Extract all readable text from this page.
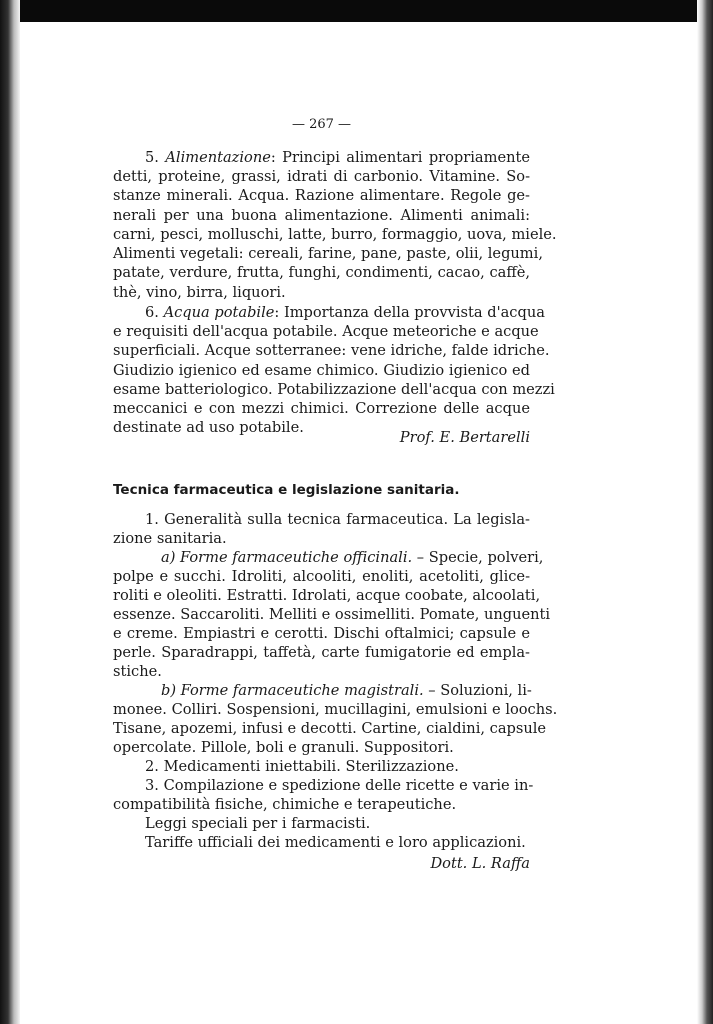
— 267 —
5. Alimentazione: Principi alimentari propriamente
detti, proteine, grassi, idrati di carbonio. Vitamine. So-
stanze minerali. Acqua. Razione alimentare. Regole ge-
nerali per una buona alimentazione. Alimenti animali:
carni, pesci, molluschi, latte, burro, formaggio, uova, miele.
Alimenti vegetali: cereali, farine, pane, paste, olii, legumi,
patate, verdure, frutta, funghi, condimenti, cacao, caffè,
thè, vino, birra, liquori.
6. Acqua potabile: Importanza della provvista d'acqua
e requisiti dell'acqua potabile. Acque meteoriche e acque
superficiali. Acque sotterranee: vene idriche, falde idriche.
Giudizio igienico ed esame chimico. Giudizio igienico ed
esame batteriologico. Potabilizzazione dell'acqua con mezzi
meccanici e con mezzi chimici. Correzione delle acque
destinate ad uso potabile.
Prof. E. Bertarelli
Tecnica farmaceutica e legislazione sanitaria.
1. Generalità sulla tecnica farmaceutica. La legisla-
zione sanitaria.
a) Forme farmaceutiche officinali. – Specie, polveri,
polpe e succhi. Idroliti, alcooliti, enoliti, acetoliti, glice-
roliti e oleoliti. Estratti. Idrolati, acque coobate, alcoolati,
essenze. Saccaroliti. Melliti e ossimelliti. Pomate, unguenti
e creme. Empiastri e cerotti. Dischi oftalmici; capsule e
perle. Sparadrappi, taffetà, carte fumigatorie ed empla-
stiche.
b) Forme farmaceutiche magistrali. – Soluzioni, li-
monee. Colliri. Sospensioni, mucillagini, emulsioni e loochs.
Tisane, apozemi, infusi e decotti. Cartine, cialdini, capsule
opercolate. Pillole, boli e granuli. Suppositori.
2. Medicamenti iniettabili. Sterilizzazione.
3. Compilazione e spedizione delle ricette e varie in-
compatibilità fisiche, chimiche e terapeutiche.
Leggi speciali per i farmacisti.
Tariffe ufficiali dei medicamenti e loro applicazioni.
Dott. L. Raffa
